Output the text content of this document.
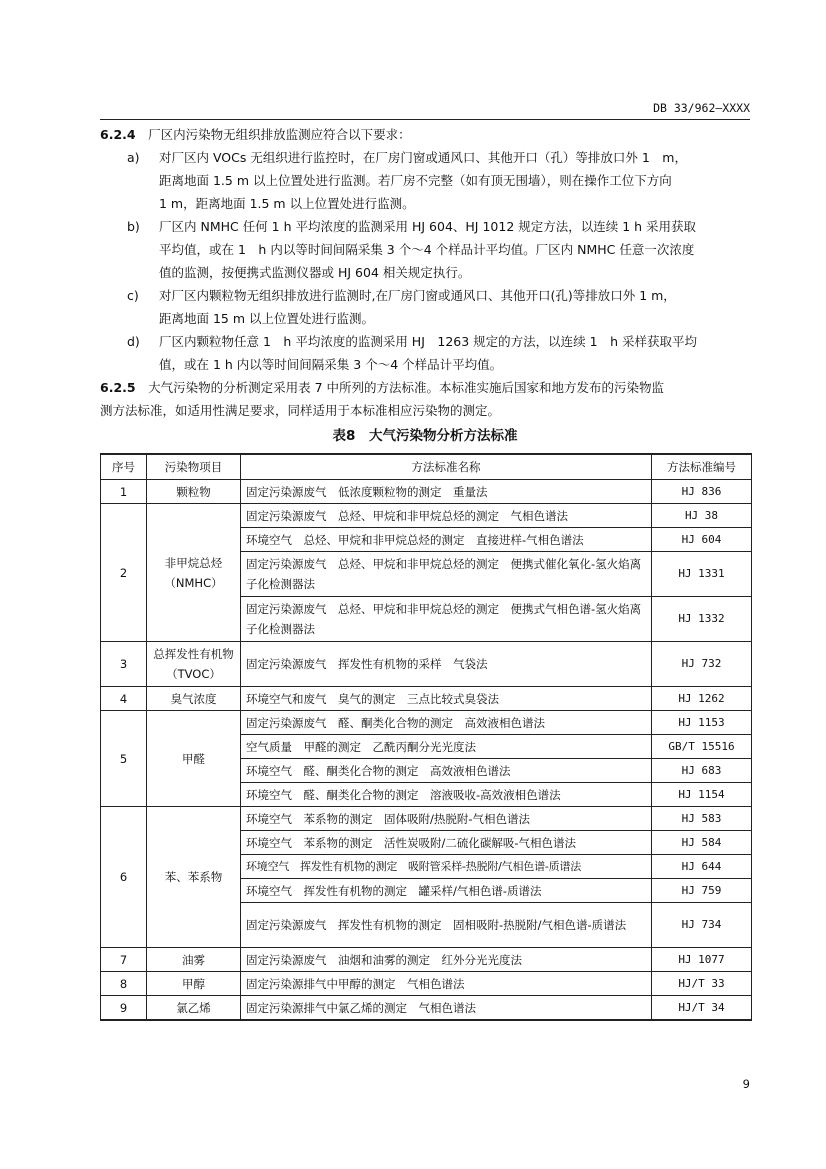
DB 33/962—XXXX
6.2.4　 厂区内污染物无组织排放监测应符合以下要求：
a) 对厂区内 VOCs 无组织进行监控时，在厂房门窗或通风口、其他开口（孔）等排放口外 1　m，
距离地面 1.5 m 以上位置处进行监测。若厂房不完整（如有顶无围墙），则在操作工位下方向
1 m，距离地面 1.5 m 以上位置处进行监测。
b) 厂区内 NMHC 任何 1 h 平均浓度的监测采用 HJ 604、HJ 1012 规定方法，以连续 1 h 采用获取
平均值，或在 1　h 内以等时间间隔采集 3 个～4 个样品计平均值。厂区内 NMHC 任意一次浓度
值的监测，按便携式监测仪器或 HJ 604 相关规定执行。
c) 对厂区内颗粒物无组织排放进行监测时,在厂房门窗或通风口、其他开口(孔)等排放口外 1 m，
距离地面 15 m 以上位置处进行监测。
d) 厂区内颗粒物任意 1　h 平均浓度的监测采用 HJ　1263 规定的方法，以连续 1　h 采样获取平均
值，或在 1 h 内以等时间间隔采集 3 个～4 个样品计平均值。
6.2.5　 大气污染物的分析测定采用表 7 中所列的方法标准。本标准实施后国家和地方发布的污染物监
测方法标准，如适用性满足要求，同样适用于本标准相应污染物的测定。
表8　大气污染物分析方法标准
序号	污染物项目	方法标准名称	方法标准编号
1	颗粒物	固定污染源废气　低浓度颗粒物的测定　重量法	HJ 836
2	非甲烷总烃（NMHC）	固定污染源废气　总烃、甲烷和非甲烷总烃的测定　气相色谱法	HJ 38
		环境空气　总烃、甲烷和非甲烷总烃的测定　直接进样-气相色谱法	HJ 604
		固定污染源废气　总烃、甲烷和非甲烷总烃的测定　便携式催化氧化-氢火焰离子化检测器法	HJ 1331
		固定污染源废气　总烃、甲烷和非甲烷总烃的测定　便携式气相色谱-氢火焰离子化检测器法	HJ 1332
3	总挥发性有机物（TVOC）	固定污染源废气　挥发性有机物的采样　气袋法	HJ 732
4	臭气浓度	环境空气和废气　臭气的测定　三点比较式臭袋法	HJ 1262
5	甲醛	固定污染源废气　醛、酮类化合物的测定　高效液相色谱法	HJ 1153
		空气质量　甲醛的测定　乙酰丙酮分光光度法	GB/T 15516
		环境空气　醛、酮类化合物的测定　高效液相色谱法	HJ 683
		环境空气　醛、酮类化合物的测定　溶液吸收-高效液相色谱法	HJ 1154
6	苯、苯系物	环境空气　苯系物的测定　固体吸附/热脱附-气相色谱法	HJ 583
		环境空气　苯系物的测定　活性炭吸附/二硫化碳解吸-气相色谱法	HJ 584
		环境空气　挥发性有机物的测定　吸附管采样-热脱附/气相色谱-质谱法	HJ 644
		环境空气　挥发性有机物的测定　罐采样/气相色谱-质谱法	HJ 759
		固定污染源废气　挥发性有机物的测定　固相吸附-热脱附/气相色谱-质谱法	HJ 734
7	油雾	固定污染源废气　油烟和油雾的测定　红外分光光度法	HJ 1077
8	甲醇	固定污染源排气中甲醇的测定　气相色谱法	HJ/T 33
9	氯乙烯	固定污染源排气中氯乙烯的测定　气相色谱法	HJ/T 34
9
